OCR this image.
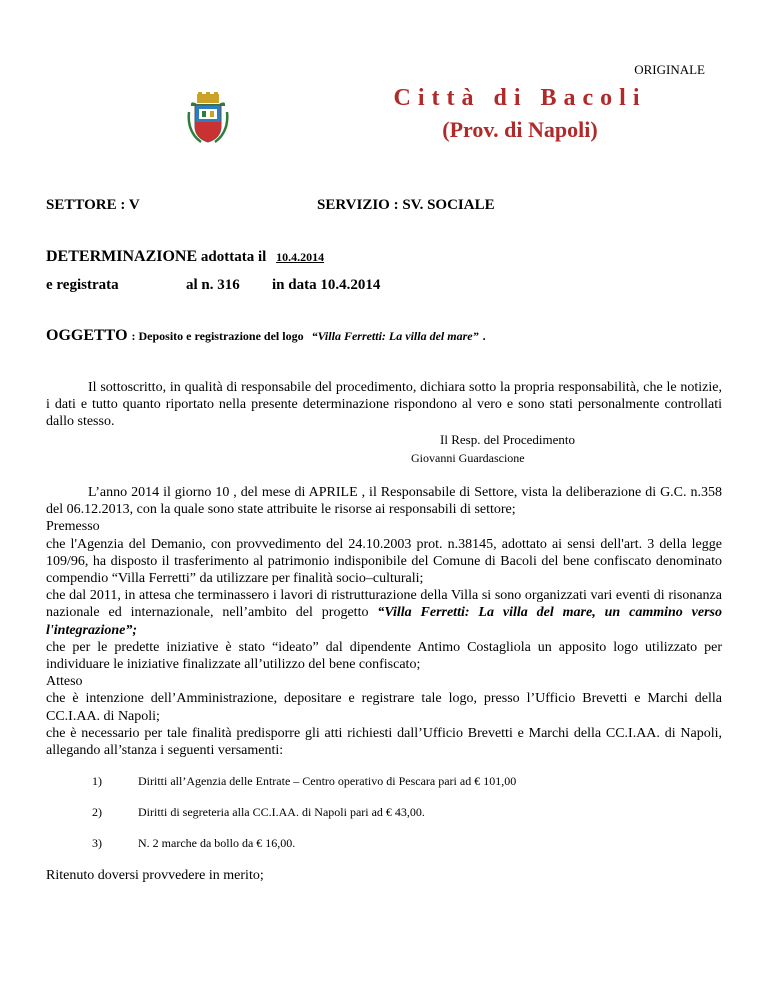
ORIGINALE
Città di Bacoli
(Prov. di Napoli)
SETTORE : V	SERVIZIO : SV. SOCIALE
DETERMINAZIONE adottata il 10.4.2014
e registrata	al n. 316 in data 10.4.2014
OGGETTO : Deposito e registrazione del logo “Villa Ferretti: La villa del mare” .

Il sottoscritto, in qualità di responsabile del procedimento, dichiara sotto la propria responsabilità, che le notizie, i dati e tutto quanto riportato nella presente determinazione rispondono al vero e sono stati personalmente controllati dallo stesso.

Il Resp. del Procedimento
Giovanni Guardascione

L’anno 2014 il giorno 10 , del mese di APRILE , il Responsabile di Settore, vista la deliberazione di G.C. n.358 del 06.12.2013, con la quale sono state attribuite le risorse ai responsabili di settore;

Premesso

che l'Agenzia del Demanio, con provvedimento del 24.10.2003 prot. n.38145, adottato ai sensi dell'art. 3 della legge 109/96, ha disposto il trasferimento al patrimonio indisponibile del Comune di Bacoli del bene confiscato denominato compendio “Villa Ferretti” da utilizzare per finalità socio–culturali;

che dal 2011, in attesa che terminassero i lavori di ristrutturazione della Villa si sono organizzati vari eventi di risonanza nazionale ed internazionale, nell’ambito del progetto “Villa Ferretti: La villa del mare, un cammino verso l'integrazione”;

che per le predette iniziative è stato “ideato” dal dipendente Antimo Costagliola un apposito logo utilizzato per individuare le iniziative finalizzate all’utilizzo del bene confiscato;

Atteso

che è intenzione dell’Amministrazione, depositare e registrare tale logo, presso l’Ufficio Brevetti e Marchi della CC.I.AA. di Napoli;

che è necessario per tale finalità predisporre gli atti richiesti dall’Ufficio Brevetti e Marchi della CC.I.AA. di Napoli, allegando all’stanza i seguenti versamenti:

1)	Diritti all’Agenzia delle Entrate – Centro operativo di Pescara pari ad € 101,00
2)	Diritti di segreteria alla CC.I.AA. di Napoli pari ad € 43,00.
3)	N. 2 marche da bollo da € 16,00.

Ritenuto doversi provvedere in merito;
